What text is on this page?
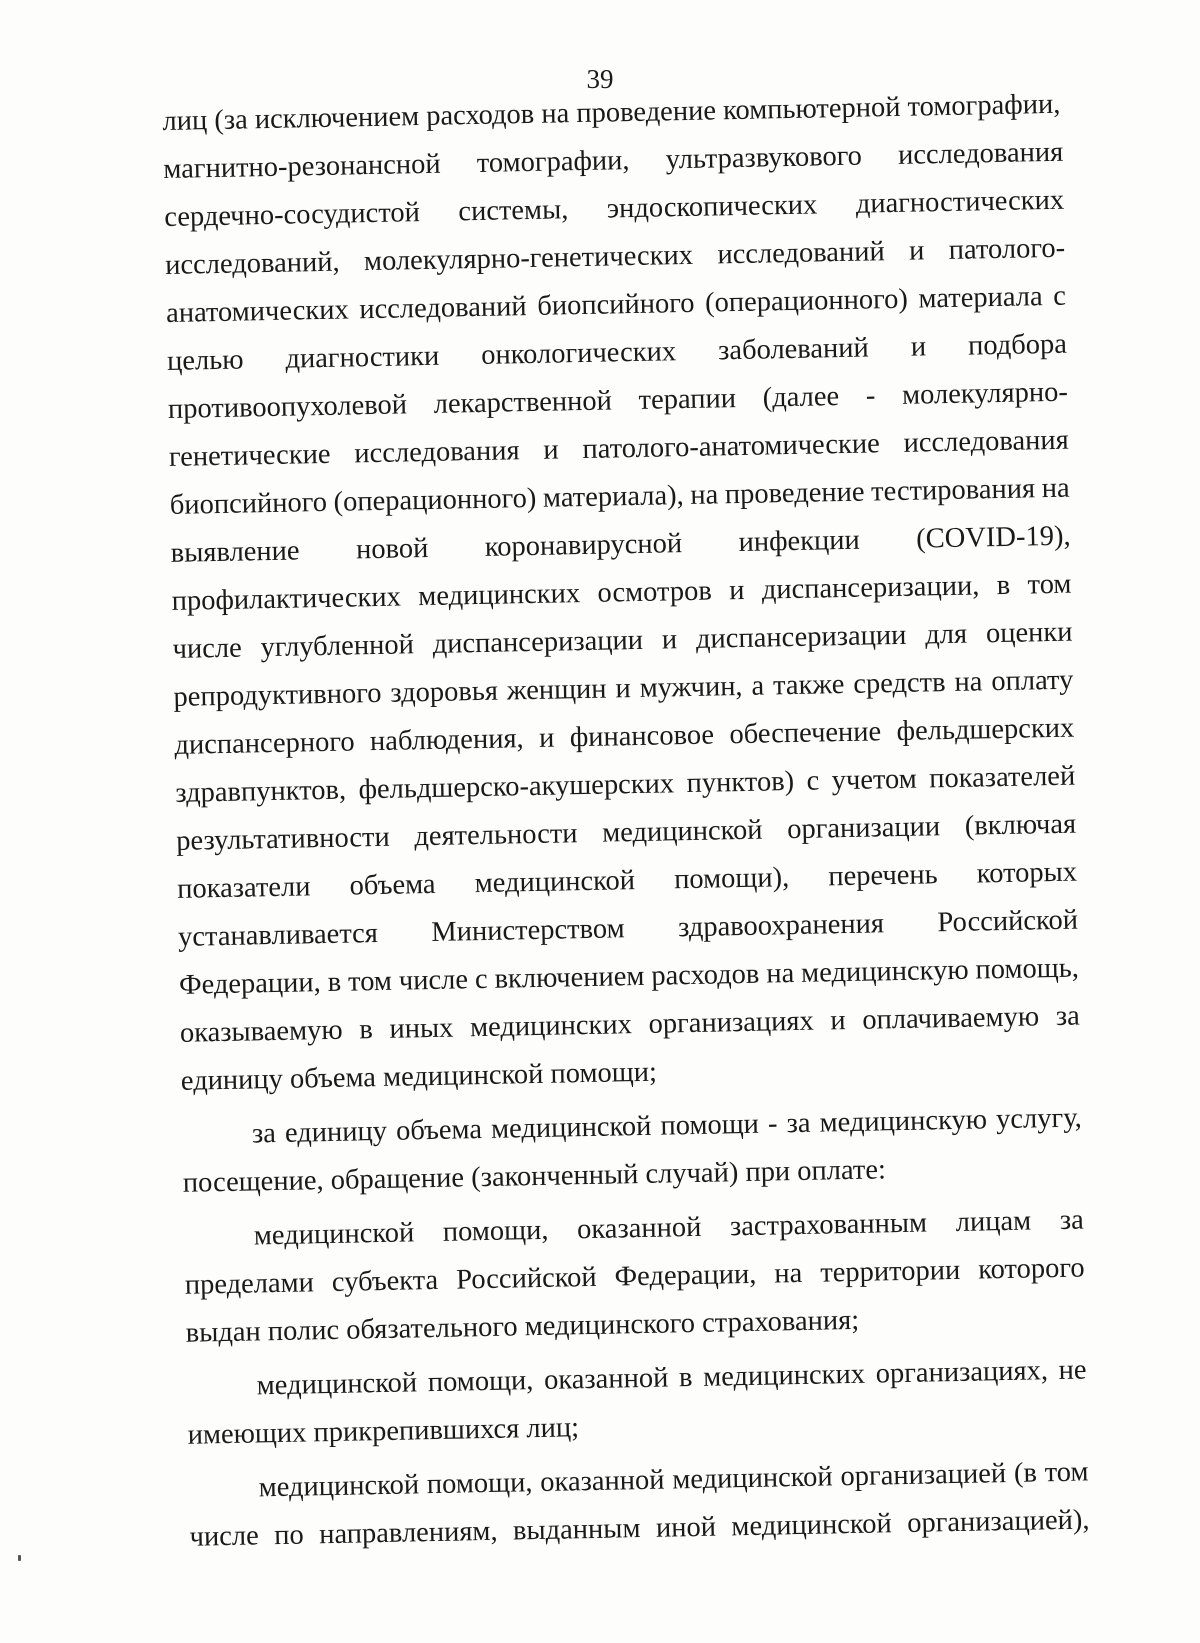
39
лиц (за исключением расходов на проведение компьютерной томографии,
магнитно-резонансной томографии, ультразвукового исследования
сердечно-сосудистой системы, эндоскопических диагностических
исследований, молекулярно-генетических исследований и патолого-
анатомических исследований биопсийного (операционного) материала с
целью диагностики онкологических заболеваний и подбора
противоопухолевой лекарственной терапии (далее - молекулярно-
генетические исследования и патолого-анатомические исследования
биопсийного (операционного) материала), на проведение тестирования на
выявление новой коронавирусной инфекции (COVID-19),
профилактических медицинских осмотров и диспансеризации, в том
числе углубленной диспансеризации и диспансеризации для оценки
репродуктивного здоровья женщин и мужчин, а также средств на оплату
диспансерного наблюдения, и финансовое обеспечение фельдшерских
здравпунктов, фельдшерско-акушерских пунктов) с учетом показателей
результативности деятельности медицинской организации (включая
показатели объема медицинской помощи), перечень которых
устанавливается Министерством здравоохранения Российской
Федерации, в том числе с включением расходов на медицинскую помощь,
оказываемую в иных медицинских организациях и оплачиваемую за
единицу объема медицинской помощи;
за единицу объема медицинской помощи - за медицинскую услугу,
посещение, обращение (законченный случай) при оплате:
медицинской помощи, оказанной застрахованным лицам за
пределами субъекта Российской Федерации, на территории которого
выдан полис обязательного медицинского страхования;
медицинской помощи, оказанной в медицинских организациях, не
имеющих прикрепившихся лиц;
медицинской помощи, оказанной медицинской организацией (в том
числе по направлениям, выданным иной медицинской организацией),
